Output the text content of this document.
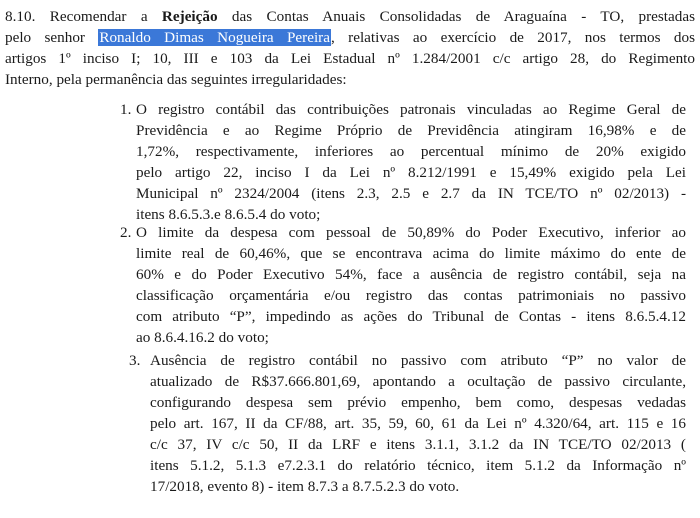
8.10. Recomendar a Rejeição das Contas Anuais Consolidadas de Araguaína - TO, prestadas
pelo senhor Ronaldo Dimas Nogueira Pereira, relativas ao exercício de 2017, nos termos dos
artigos 1º inciso I; 10, III e 103 da Lei Estadual nº 1.284/2001 c/c artigo 28, do Regimento
Interno, pela permanência das seguintes irregularidades:
1. O registro contábil das contribuições patronais vinculadas ao Regime Geral de
Previdência e ao Regime Próprio de Previdência atingiram 16,98% e de
1,72%, respectivamente, inferiores ao percentual mínimo de 20% exigido
pelo artigo 22, inciso I da Lei nº 8.212/1991 e 15,49% exigido pela Lei
Municipal nº 2324/2004 (itens 2.3, 2.5 e 2.7 da IN TCE/TO nº 02/2013) -
itens 8.6.5.3.e 8.6.5.4 do voto;
2. O limite da despesa com pessoal de 50,89% do Poder Executivo, inferior ao
limite real de 60,46%, que se encontrava acima do limite máximo do ente de
60% e do Poder Executivo 54%, face a ausência de registro contábil, seja na
classificação orçamentária e/ou registro das contas patrimoniais no passivo
com atributo “P”, impedindo as ações do Tribunal de Contas - itens 8.6.5.4.12
ao 8.6.4.16.2 do voto;
3. Ausência de registro contábil no passivo com atributo “P” no valor de
atualizado de R$37.666.801,69, apontando a ocultação de passivo circulante,
configurando despesa sem prévio empenho, bem como, despesas vedadas
pelo art. 167, II da CF/88, art. 35, 59, 60, 61 da Lei nº 4.320/64, art. 115 e 16
c/c 37, IV c/c 50, II da LRF e itens 3.1.1, 3.1.2 da IN TCE/TO 02/2013 (
itens 5.1.2, 5.1.3 e7.2.3.1 do relatório técnico, item 5.1.2 da Informação nº
17/2018, evento 8) - item 8.7.3 a 8.7.5.2.3 do voto.
